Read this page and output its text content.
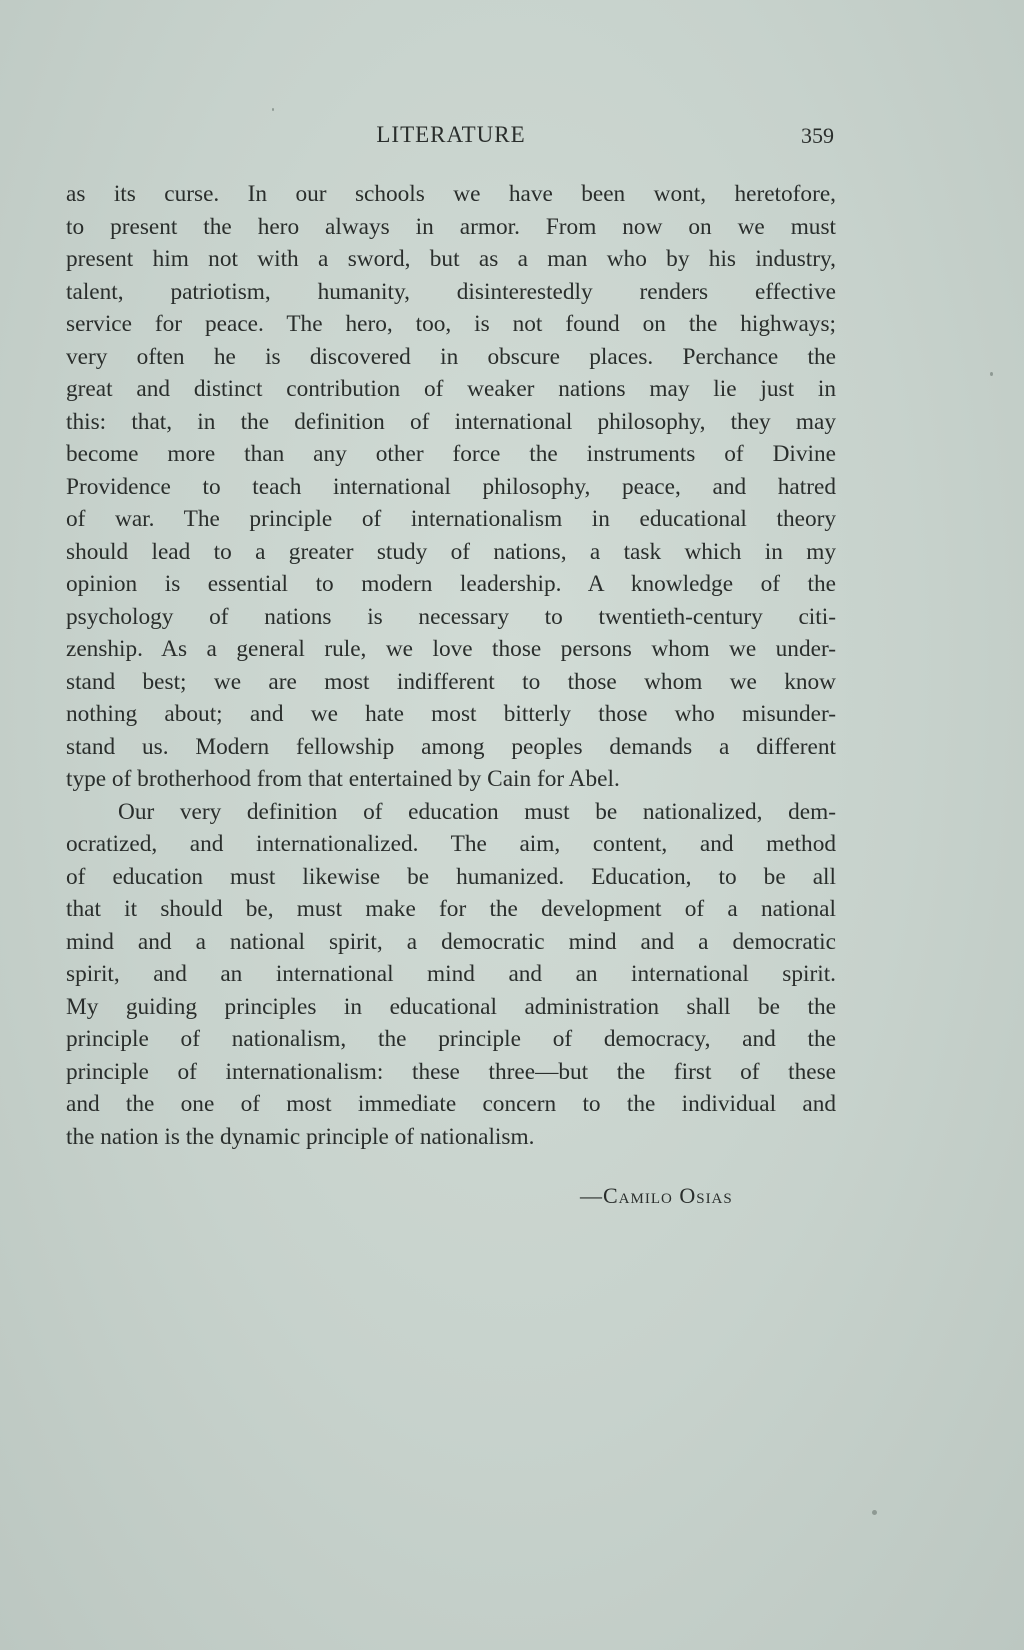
LITERATURE	359
as its curse. In our schools we have been wont, heretofore,
to present the hero always in armor. From now on we must
present him not with a sword, but as a man who by his industry,
talent, patriotism, humanity, disinterestedly renders effective
service for peace. The hero, too, is not found on the highways;
very often he is discovered in obscure places. Perchance the
great and distinct contribution of weaker nations may lie just in
this: that, in the definition of international philosophy, they may
become more than any other force the instruments of Divine
Providence to teach international philosophy, peace, and hatred
of war. The principle of internationalism in educational theory
should lead to a greater study of nations, a task which in my
opinion is essential to modern leadership. A knowledge of the
psychology of nations is necessary to twentieth-century citi-
zenship. As a general rule, we love those persons whom we under-
stand best; we are most indifferent to those whom we know
nothing about; and we hate most bitterly those who misunder-
stand us. Modern fellowship among peoples demands a different
type of brotherhood from that entertained by Cain for Abel.
Our very definition of education must be nationalized, dem-
ocratized, and internationalized. The aim, content, and method
of education must likewise be humanized. Education, to be all
that it should be, must make for the development of a national
mind and a national spirit, a democratic mind and a democratic
spirit, and an international mind and an international spirit.
My guiding principles in educational administration shall be the
principle of nationalism, the principle of democracy, and the
principle of internationalism: these three—but the first of these
and the one of most immediate concern to the individual and
the nation is the dynamic principle of nationalism.
—Camilo Osias
